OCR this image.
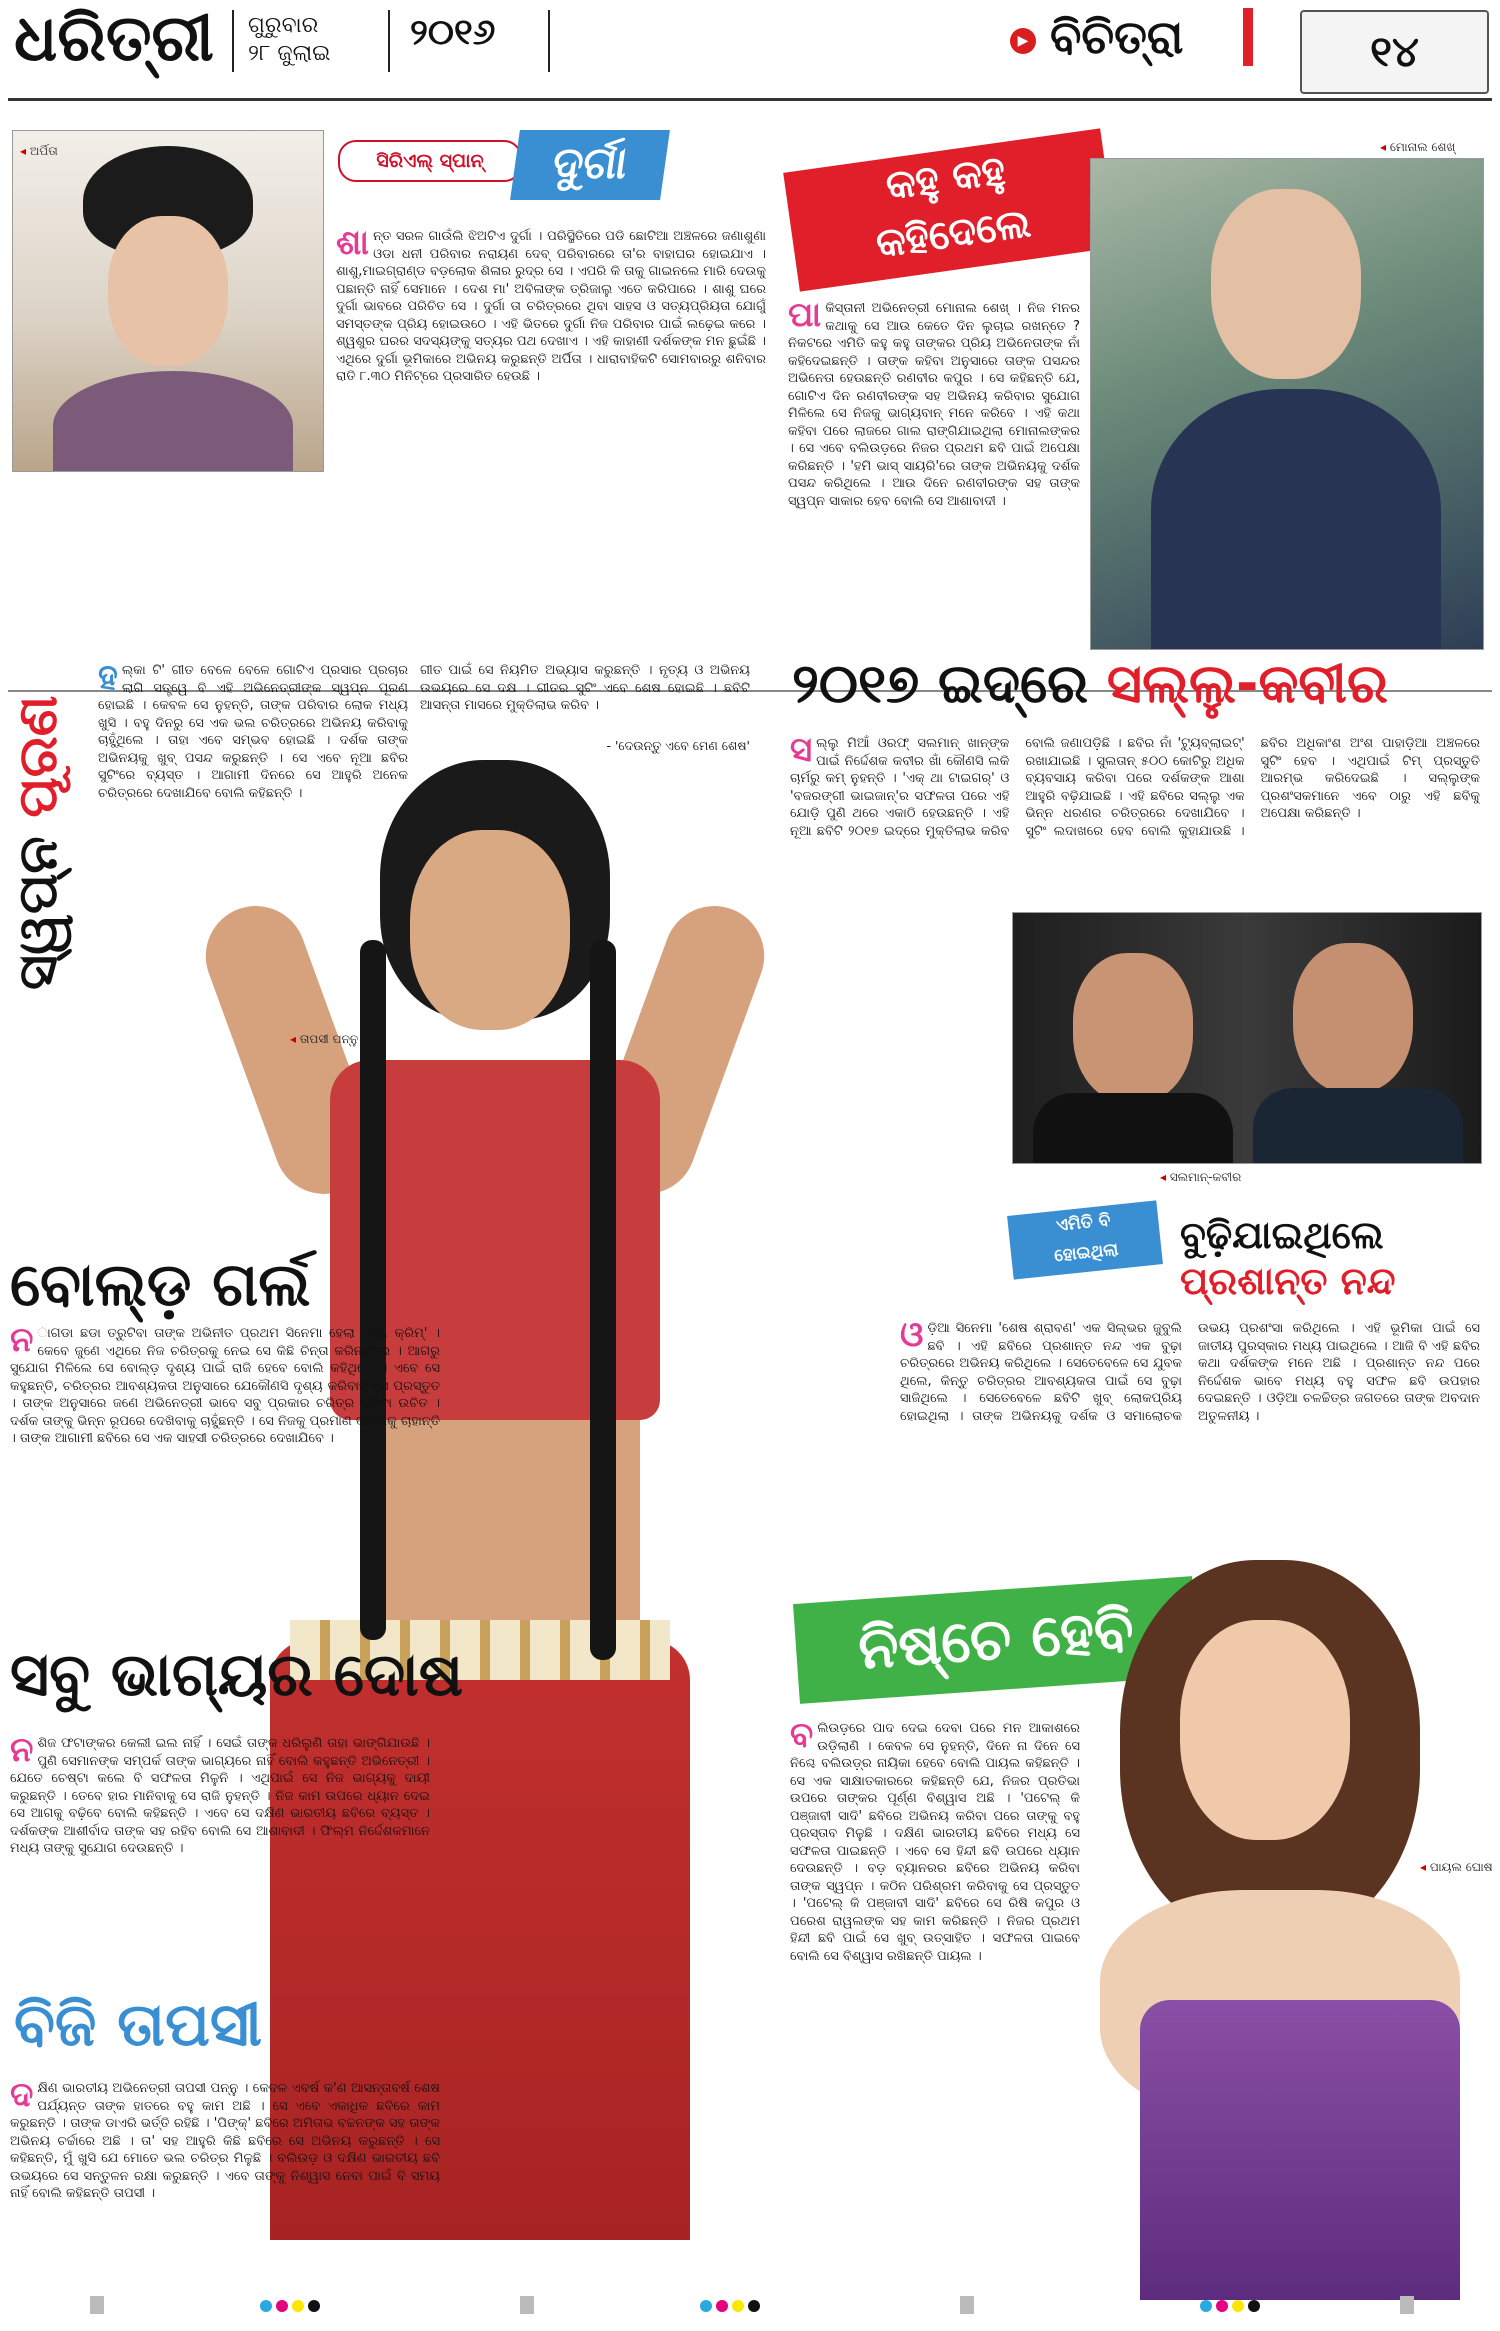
ଧରିତ୍ରୀ ଗୁରୁବାର
୨୮ ଜୁଲାଇ
୨୦୧୬	▶ ବିଚିତ୍ରା	୧୪
◂ ଅର୍ପିତା	ସିରିଏଲ୍ ସ୍ପାନ୍	ଦୁର୍ଗା
ଶାନ୍ତ ସରଳ ଗାଉଁଲି ଝିଅଟିଏ ଦୁର୍ଗା । ପରିସ୍ଥିତିରେ ପଡି ଛୋଟିଆ ଅଞ୍ଚଳରେ ଜଣାଶୁଣା ଓଡା ଧନୀ ପରିବାର ନରାୟଣ ଦେବ୍ ପରିବାରରେ ତା'ର ବାହାଘର ହୋଇଯାଏ । ଶାଶୁ,ମାଇଗ୍ରାଣ୍ଡ ବଡ଼ଲୋକ ଶିଳାର ରୁଦ୍ର ସେ । ଏପରି କି ତାକୁ ଗାଇନଲେ ମାରି ଦେଉକୁ ପଛାନ୍ତି ନାହିଁ ସେମାନେ । ଦେଶ ମା' ଅବିଳାଙ୍କ ତ୍ରିଜାଲୁ ଏତେ କରିପାରେ । ଶାଶୁ ଘରେ ଦୁର୍ଗା ଭାବରେ ପରିଚିତ ସେ । ଦୁର୍ଗା ତା ଚରିତ୍ରରେ ଥିବା ସାହସ ଓ ସତ୍ୟପ୍ରିୟତା ଯୋଗୁଁ ସମସ୍ତଙ୍କ ପ୍ରିୟ ହୋଇଉଠେ । ଏହି ଭିତରେ ଦୁର୍ଗା ନିଜ ପରିବାର ପାଇଁ ଲଢ଼େଇ କରେ । ଶ୍ୱଶୁର ଘରର ସଦସ୍ୟଙ୍କୁ ସତ୍ୟର ପଥ ଦେଖାଏ । ଏହି କାହାଣୀ ଦର୍ଶକଙ୍କ ମନ ଛୁଇଁଛି । ଏଥିରେ ଦୁର୍ଗା ଭୂମିକାରେ ଅଭିନୟ କରୁଛନ୍ତି ଅର୍ପିତା । ଧାରାବାହିକଟି ସୋମବାରରୁ ଶନିବାର ରାତି ୮.୩୦ ମିନିଟ୍‌ରେ ପ୍ରସାରିତ ହେଉଛି ।
କହୁ କହୁ
କହିଦେଲେ
◂ ମୋନାଲ ଶେଖ୍
ପାକିସ୍ତାନୀ ଅଭିନେତ୍ରୀ ମୋନାଲ ଶେଖ୍ । ନିଜ ମନର କଥାକୁ ସେ ଆଉ କେତେ ଦିନ ଲୁଚାଇ ରଖନ୍ତେ ? ନିକଟରେ ଏମିତି କହୁ କହୁ ତାଙ୍କର ପ୍ରିୟ ଅଭିନେତାଙ୍କ ନାଁ କହିଦେଇଛନ୍ତି । ତାଙ୍କ କହିବା ଅନୁସାରେ ତାଙ୍କ ପସନ୍ଦର ଅଭିନେତା ହେଉଛନ୍ତି ରଣବୀର କପୁର । ସେ କହିଛନ୍ତି ଯେ, ଗୋଟିଏ ଦିନ ରଣବୀରଙ୍କ ସହ ଅଭିନୟ କରିବାର ସୁଯୋଗ ମିଳିଲେ ସେ ନିଜକୁ ଭାଗ୍ୟବାନ୍ ମନେ କରିବେ । ଏହି କଥା କହିବା ପରେ ଲାଜରେ ଗାଲ ରାଙ୍ଗିଯାଇଥିଲା ମୋନାଲଙ୍କର । ସେ ଏବେ ବଲିଉଡ଼ରେ ନିଜର ପ୍ରଥମ ଛବି ପାଇଁ ଅପେକ୍ଷା କରିଛନ୍ତି । 'ହମି ଭାସ୍ ସାୟରି'ରେ ତାଙ୍କ ଅଭିନୟକୁ ଦର୍ଶକ ପସନ୍ଦ କରିଥିଲେ । ଆଉ ଦିନେ ରଣବୀରଙ୍କ ସହ ତାଙ୍କ ସ୍ୱପ୍ନ ସାକାର ହେବ ବୋଲି ସେ ଆଶାବାଦୀ ।
ସ୍ୱପ୍ନ ପୂରଣ
ହଲ୍କା ଟି' ଗୀତ ବେଳେ ବେଳେ ଗୋଟିଏ ପ୍ରସାର ପ୍ରଚାର ଲାଗି ସତ୍ତ୍ୱେ ବି ଏହି ଅଭିନେତ୍ରୀଙ୍କ ସ୍ୱପ୍ନ ପୂରଣ ହୋଇଛି । କେବଳ ସେ ନୁହନ୍ତି, ତାଙ୍କ ପରିବାର ଲୋକ ମଧ୍ୟ ଖୁସି । ବହୁ ଦିନରୁ ସେ ଏକ ଭଲ ଚରିତ୍ରରେ ଅଭିନୟ କରିବାକୁ ଚାହୁଁଥିଲେ । ତାହା ଏବେ ସମ୍ଭବ ହୋଇଛି । ଦର୍ଶକ ତାଙ୍କ ଅଭିନୟକୁ ଖୁବ୍ ପସନ୍ଦ କରୁଛନ୍ତି । ସେ ଏବେ ନୂଆ ଛବିର ସୁଟିଂରେ ବ୍ୟସ୍ତ । ଆଗାମୀ ଦିନରେ ସେ ଆହୁରି ଅନେକ ଚରିତ୍ରରେ ଦେଖାଯିବେ ବୋଲି କହିଛନ୍ତି ।
ଗୀତ ପାଇଁ ସେ ନିୟମିତ ଅଭ୍ୟାସ କରୁଛନ୍ତି । ନୃତ୍ୟ ଓ ଅଭିନୟ ଉଭୟରେ ସେ ଦକ୍ଷ । ଗୀତର ସୁଟିଂ ଏବେ ଶେଷ ହୋଇଛି । ଛବିଟି ଆସନ୍ତା ମାସରେ ମୁକ୍ତିଲାଭ କରିବ ।
- 'ଦେଉନ୍ତୁ ଏବେ ମେଣ ଶେଷ'
◂ ତାପସୀ ପନ୍ନୁ
୨୦୧୭ ଇଦ୍‌ରେ ସଲ୍ଲୁ-କବୀର
ସଲ୍ଲୁ ମିଆଁ ଓରଫ୍ ସଲମାନ୍ ଖାନ୍ଙ୍କ ପାଇଁ ନିର୍ଦ୍ଦେଶକ କବୀର ଖାଁ କୌଣସି ଲକି ଚାର୍ମରୁ କମ୍ ନୁହନ୍ତି । 'ଏକ୍ ଥା ଟାଇଗର୍' ଓ 'ବଜରଙ୍ଗୀ ଭାଇଜାନ୍'ର ସଫଳତା ପରେ ଏହି ଯୋଡ଼ି ପୁଣି ଥରେ ଏକାଠି ହେଉଛନ୍ତି । ଏହି ନୂଆ ଛବିଟି ୨୦୧୭ ଇଦ୍‌ରେ ମୁକ୍ତିଲାଭ କରିବ ବୋଲି ଜଣାପଡ଼ିଛି । ଛବିର ନାଁ 'ଟ୍ୟୁବ୍‌ଲାଇଟ୍' ରଖାଯାଇଛି । ସୁଲତାନ୍ ୫୦୦ କୋଟିରୁ ଅଧିକ ବ୍ୟବସାୟ କରିବା ପରେ ଦର୍ଶକଙ୍କ ଆଶା ଆହୁରି ବଢ଼ିଯାଇଛି । ଏହି ଛବିରେ ସଲ୍ଲୁ ଏକ ଭିନ୍ନ ଧରଣର ଚରିତ୍ରରେ ଦେଖାଯିବେ । ସୁଟିଂ ଲଦାଖରେ ହେବ ବୋଲି କୁହାଯାଉଛି । ଛବିର ଅଧିକାଂଶ ଅଂଶ ପାହାଡ଼ିଆ ଅଞ୍ଚଳରେ ସୁଟିଂ ହେବ । ଏଥିପାଇଁ ଟିମ୍ ପ୍ରସ୍ତୁତି ଆରମ୍ଭ କରିଦେଇଛି । ସଲ୍ଲୁଙ୍କ ପ୍ରଶଂସକମାନେ ଏବେ ଠାରୁ ଏହି ଛବିକୁ ଅପେକ୍ଷା କରିଛନ୍ତି ।
◂ ସଲମାନ୍-କବୀର
ଏମିତି ବି
ହୋଇଥିଲା	ବୁଢ଼ିଯାଇଥିଲେ
ପ୍ରଶାନ୍ତ ନନ୍ଦ
ଓଡ଼ିଆ ସିନେମା 'ଶେଷ ଶ୍ରାବଣ' ଏକ ସିଲ୍‌ଭର ଜୁବୁଲି ଛବି । ଏହି ଛବିରେ ପ୍ରଶାନ୍ତ ନନ୍ଦ ଏକ ବୁଢ଼ା ଚରିତ୍ରରେ ଅଭିନୟ କରିଥିଲେ । ସେତେବେଳେ ସେ ଯୁବକ ଥିଲେ, କିନ୍ତୁ ଚରିତ୍ରର ଆବଶ୍ୟକତା ପାଇଁ ସେ ବୁଢ଼ା ସାଜିଥିଲେ । ସେତେବେଳେ ଛବିଟି ଖୁବ୍ ଲୋକପ୍ରିୟ ହୋଇଥିଲା । ତାଙ୍କ ଅଭିନୟକୁ ଦର୍ଶକ ଓ ସମାଲୋଚକ ଉଭୟ ପ୍ରଶଂସା କରିଥିଲେ । ଏହି ଭୂମିକା ପାଇଁ ସେ ଜାତୀୟ ପୁରସ୍କାର ମଧ୍ୟ ପାଇଥିଲେ । ଆଜି ବି ଏହି ଛବିର କଥା ଦର୍ଶକଙ୍କ ମନେ ଅଛି । ପ୍ରଶାନ୍ତ ନନ୍ଦ ପରେ ନିର୍ଦ୍ଦେଶକ ଭାବେ ମଧ୍ୟ ବହୁ ସଫଳ ଛବି ଉପହାର ଦେଇଛନ୍ତି । ଓଡ଼ିଆ ଚଳଚ୍ଚିତ୍ର ଜଗତରେ ତାଙ୍କ ଅବଦାନ ଅତୁଳନୀୟ ।
ନିଷ୍ଚେ ହେବି
◂ ପାୟଲ ଘୋଷ
ବଲିଉଡ଼ରେ ପାଦ ଦେଇ ଦେବା ପରେ ମନ ଆକାଶରେ ଉଡ଼ିଲାଣି । କେବଳ ସେ ନୁହନ୍ତି, ଦିନେ ନା ଦିନେ ସେ ନିଶ୍ଚେ ବଲିଉଡ଼୍‌ର ନାୟିକା ହେବେ ବୋଲି ପାୟଲ କହିଛନ୍ତି । ସେ ଏକ ସାକ୍ଷାତକାରରେ କହିଛନ୍ତି ଯେ, ନିଜର ପ୍ରତିଭା ଉପରେ ତାଙ୍କର ପୂର୍ଣ୍ଣ ବିଶ୍ୱାସ ଅଛି । 'ପଟେଲ୍ କି ପଞ୍ଜାବୀ ସାଦି' ଛବିରେ ଅଭିନୟ କରିବା ପରେ ତାଙ୍କୁ ବହୁ ପ୍ରସ୍ତାବ ମିଳୁଛି । ଦକ୍ଷିଣ ଭାରତୀୟ ଛବିରେ ମଧ୍ୟ ସେ ସଫଳତା ପାଇଛନ୍ତି । ଏବେ ସେ ହିନ୍ଦୀ ଛବି ଉପରେ ଧ୍ୟାନ ଦେଉଛନ୍ତି । ବଡ଼ ବ୍ୟାନରର ଛବିରେ ଅଭିନୟ କରିବା ତାଙ୍କ ସ୍ୱପ୍ନ । କଠିନ ପରିଶ୍ରମ କରିବାକୁ ସେ ପ୍ରସ୍ତୁତ । 'ପଟେଲ୍ କି ପଞ୍ଜାବୀ ସାଦି' ଛବିରେ ସେ ରିଷି କପୁର ଓ ପରେଶ ରାୱଲଙ୍କ ସହ କାମ କରିଛନ୍ତି । ନିଜର ପ୍ରଥମ ହିନ୍ଦୀ ଛବି ପାଇଁ ସେ ଖୁବ୍ ଉତ୍ସାହିତ । ସଫଳତା ପାଇବେ ବୋଲି ସେ ବିଶ୍ୱାସ ରଖିଛନ୍ତି ପାୟଲ ।
ବୋଲ୍ଡ଼ ଗର୍ଲ
ନ ାଗଡା ଛଡା ତ୍ରୁଟିବା ତାଙ୍କ ଅଭିନୀତ ପ୍ରଥମ ସିନେମା ହେଲା 'ଏମ୍. କ୍ରିମ୍' । କେବେ ଜୁଣେ ଏଥିରେ ନିଜ ଚରିତ୍ରକୁ ନେଇ ସେ କିଛି ଚିନ୍ତା କରିନଥିଲେ । ଆଗରୁ ସୁଯୋଗ ମିଳିଲେ ସେ ବୋଲ୍ଡ଼ ଦୃଶ୍ୟ ପାଇଁ ରାଜି ହେବେ ବୋଲି କହିଥିଲେ । ଏବେ ସେ କହୁଛନ୍ତି, ଚରିତ୍ରର ଆବଶ୍ୟକତା ଅନୁସାରେ ଯେକୌଣସି ଦୃଶ୍ୟ କରିବାକୁ ସେ ପ୍ରସ୍ତୁତ । ତାଙ୍କ ଅନୁସାରେ ଜଣେ ଅଭିନେତ୍ରୀ ଭାବେ ସବୁ ପ୍ରକାର ଚରିତ୍ର କରିବା ଉଚିତ । ଦର୍ଶକ ତାଙ୍କୁ ଭିନ୍ନ ରୂପରେ ଦେଖିବାକୁ ଚାହୁଁଛନ୍ତି । ସେ ନିଜକୁ ପ୍ରମାଣ କରିବାକୁ ଚାହାନ୍ତି । ତାଙ୍କ ଆଗାମୀ ଛବିରେ ସେ ଏକ ସାହସୀ ଚରିତ୍ରରେ ଦେଖାଯିବେ ।
ସବୁ ଭାଗ୍ୟର ଦୋଷ
ନଶିଜ ଫଟାଙ୍କର କେଲୀ ଇଲ ନାହିଁ । ସେଇଁ ତାଙ୍କ ଧରିଲୁଣି ତାହା ଭାଙ୍ଗିଯାଉଛି । ପୁଣି ସେମାନଙ୍କ ସମ୍ପର୍କ ତାଙ୍କ ଭାଗ୍ୟରେ ନାହିଁ ବୋଲି କହୁଛନ୍ତି ଅଭିନେତ୍ରୀ । ଯେତେ ଚେଷ୍ଟା କଲେ ବି ସଫଳତା ମିଳୁନି । ଏଥିପାଇଁ ସେ ନିଜ ଭାଗ୍ୟକୁ ଦାୟୀ କରୁଛନ୍ତି । ତେବେ ହାର ମାନିବାକୁ ସେ ରାଜି ନୁହନ୍ତି । ନିଜ କାମ ଉପରେ ଧ୍ୟାନ ଦେଇ ସେ ଆଗକୁ ବଢ଼ିବେ ବୋଲି କହିଛନ୍ତି । ଏବେ ସେ ଦକ୍ଷିଣ ଭାରତୀୟ ଛବିରେ ବ୍ୟସ୍ତ । ଦର୍ଶକଙ୍କ ଆଶୀର୍ବାଦ ତାଙ୍କ ସହ ରହିବ ବୋଲି ସେ ଆଶାବାଦୀ । ଫିଲ୍ମ ନିର୍ଦ୍ଦେଶକମାନେ ମଧ୍ୟ ତାଙ୍କୁ ସୁଯୋଗ ଦେଉଛନ୍ତି ।
ବିଜି ତାପସୀ
ଦକ୍ଷିଣ ଭାରତୀୟ ଅଭିନେତ୍ରୀ ତାପସୀ ପନ୍ନୁ । କେବଳ ଏବର୍ଷ କ'ଣ ଆସନ୍ତାବର୍ଷ ଶେଷ ପର୍ଯ୍ୟନ୍ତ ତାଙ୍କ ହାତରେ ବହୁ କାମ ଅଛି । ସେ ଏବେ ଏକାଧିକ ଛବିରେ କାମ କରୁଛନ୍ତି । ତାଙ୍କ ଡାଏରି ଭର୍ତ୍ତି ରହିଛି । 'ପିଙ୍କ୍' ଛବିରେ ଅମିତାଭ ବଚ୍ଚନଙ୍କ ସହ ତାଙ୍କ ଅଭିନୟ ଚର୍ଚ୍ଚାରେ ଅଛି । ତା' ସହ ଆହୁରି କିଛି ଛବିରେ ସେ ଅଭିନୟ କରୁଛନ୍ତି । ସେ କହିଛନ୍ତି, ମୁଁ ଖୁସି ଯେ ମୋତେ ଭଲ ଚରିତ୍ର ମିଳୁଛି । ବଲିଉଡ଼ ଓ ଦକ୍ଷିଣ ଭାରତୀୟ ଛବି ଉଭୟରେ ସେ ସନ୍ତୁଳନ ରକ୍ଷା କରୁଛନ୍ତି । ଏବେ ତାଙ୍କୁ ନିଶ୍ୱାସ ନେବା ପାଇଁ ବି ସମୟ ନାହିଁ ବୋଲି କହିଛନ୍ତି ତାପସୀ ।
